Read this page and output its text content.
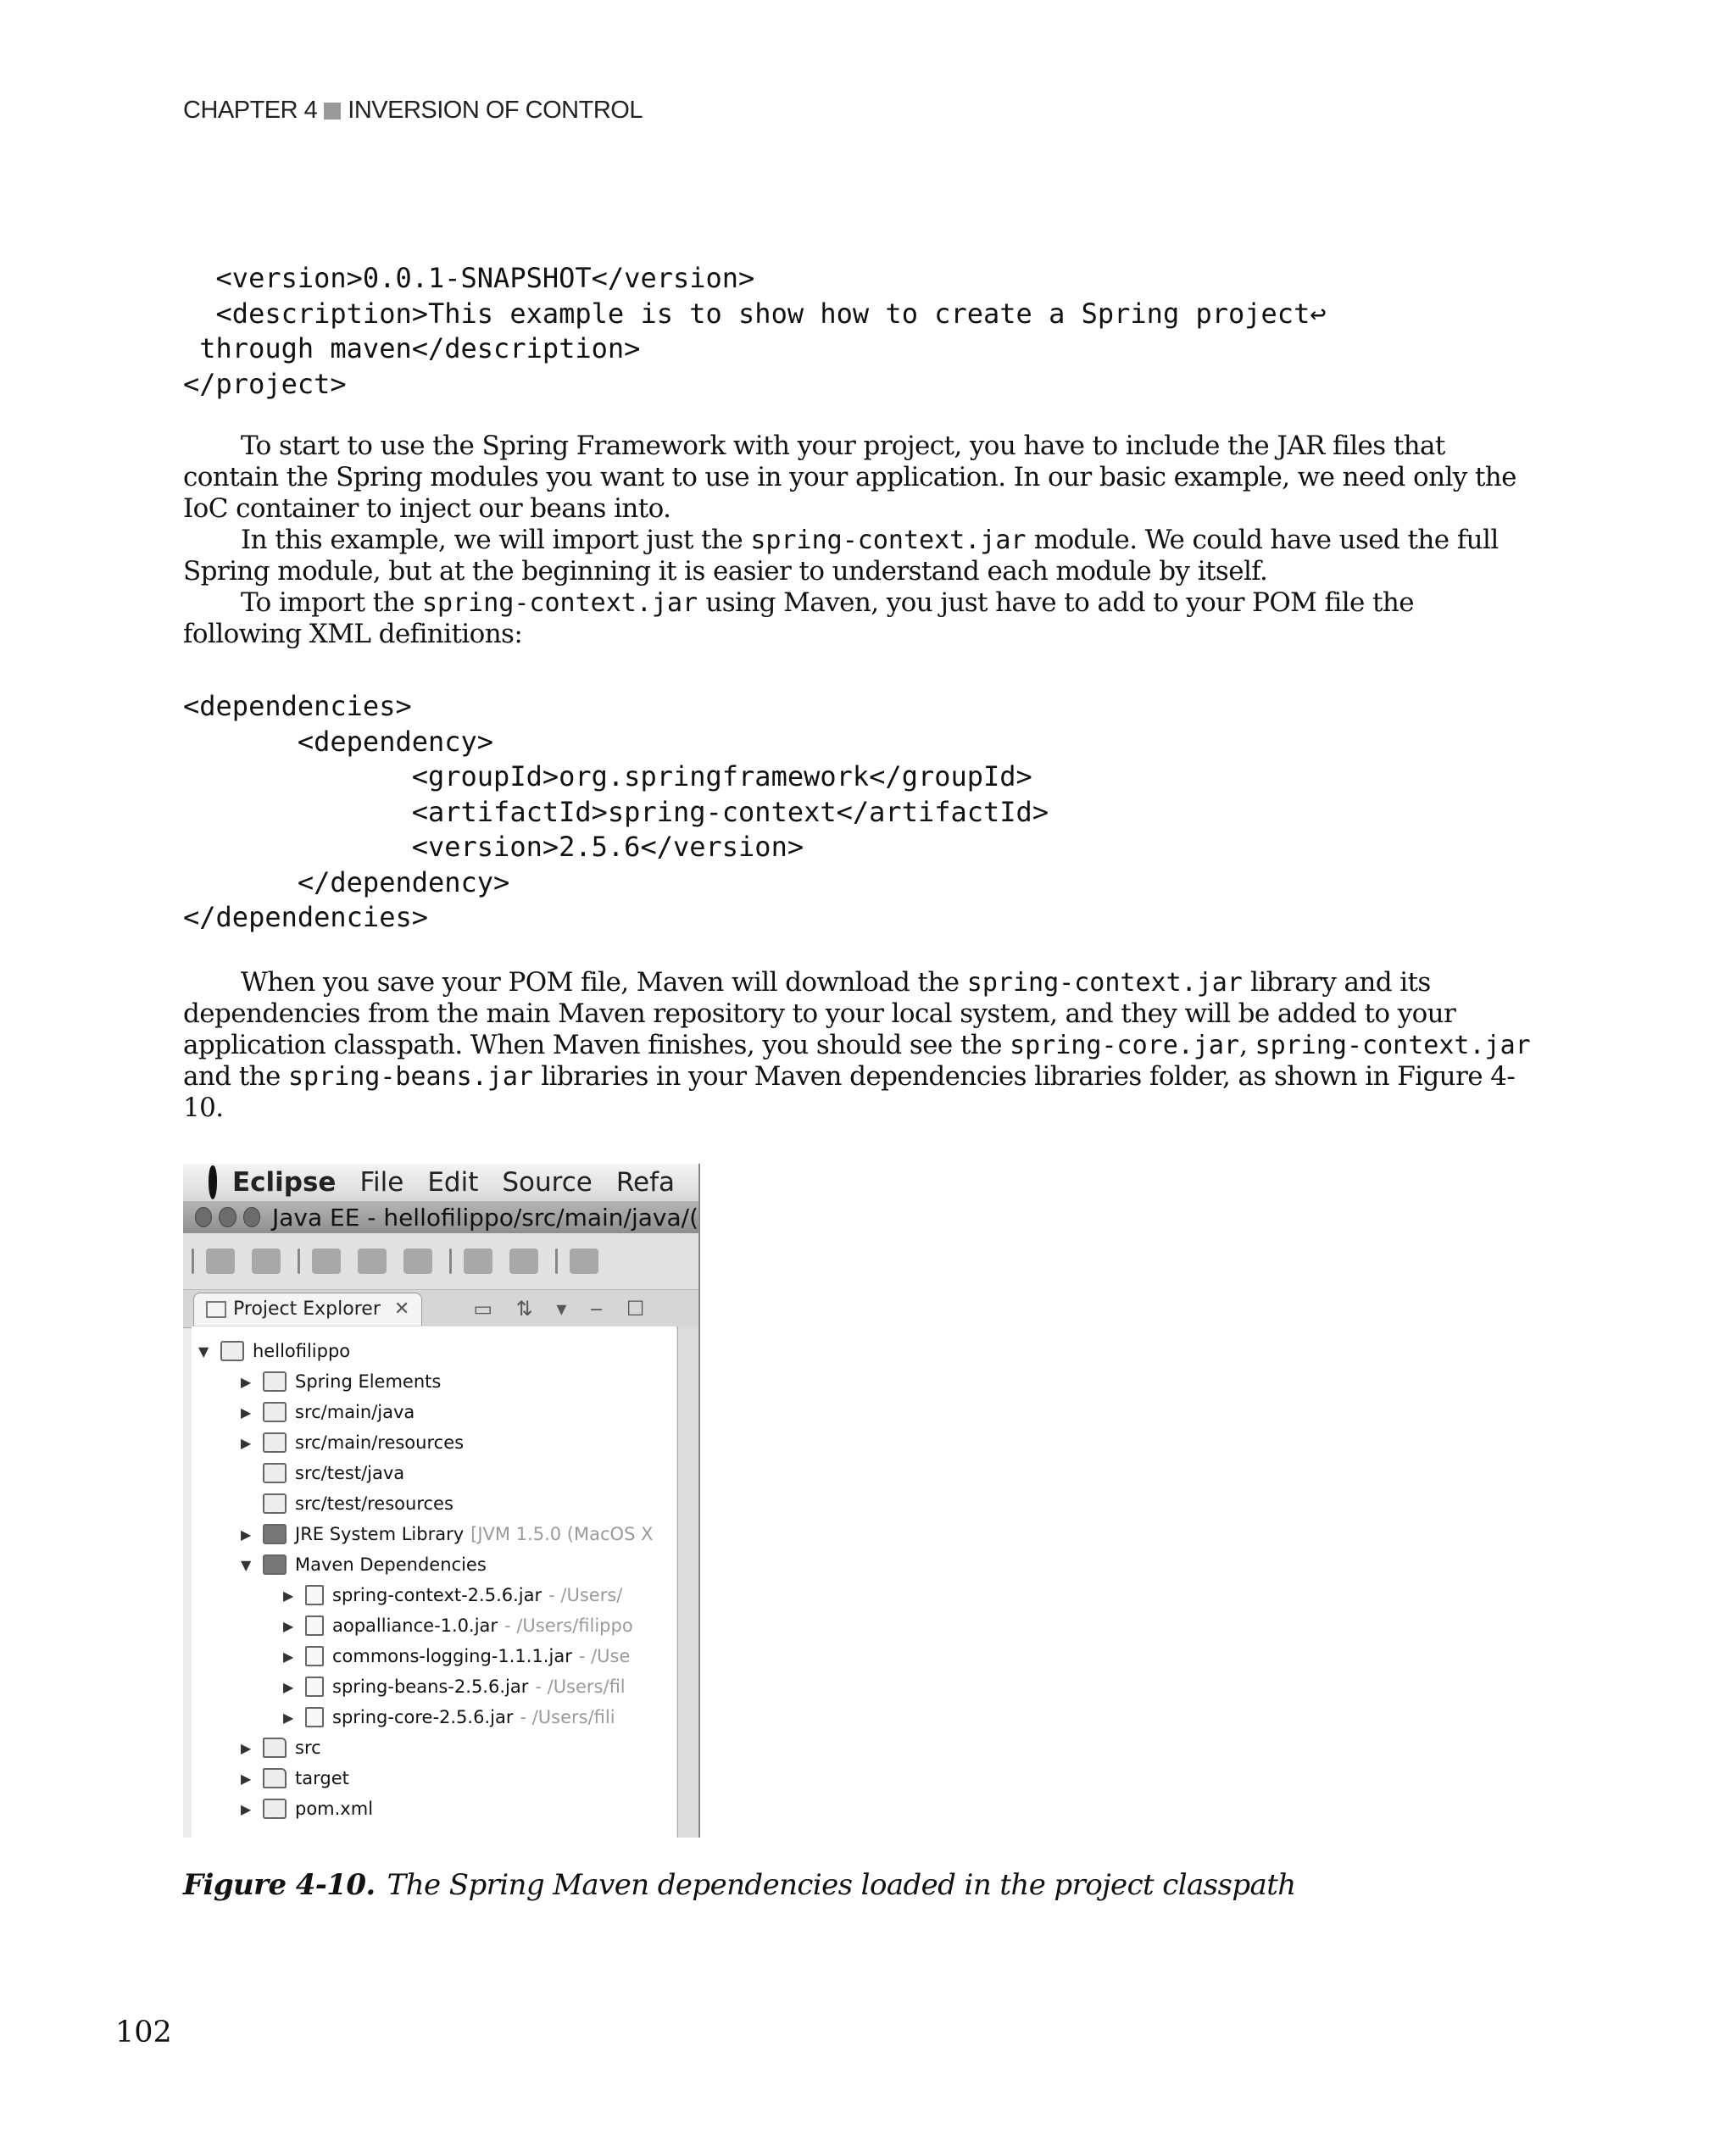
CHAPTER 4 INVERSION OF CONTROL
<version>0.0.1-SNAPSHOT</version>
<description>This example is to show how to create a Spring project↩
through maven</description>
</project>

To start to use the Spring Framework with your project, you have to include the JAR files that contain the Spring modules you want to use in your application. In our basic example, we need only the IoC container to inject our beans into.

In this example, we will import just the spring-context.jar module. We could have used the full Spring module, but at the beginning it is easier to understand each module by itself.

To import the spring-context.jar using Maven, you just have to add to your POM file the following XML definitions:

<dependencies>
<dependency>
<groupId>org.springframework</groupId>
<artifactId>spring-context</artifactId>
<version>2.5.6</version>
</dependency>
</dependencies>

When you save your POM file, Maven will download the spring-context.jar library and its dependencies from the main Maven repository to your local system, and they will be added to your application classpath. When Maven finishes, you should see the spring-core.jar, spring-context.jar and the spring-beans.jar libraries in your Maven dependencies libraries folder, as shown in Figure 4-10.

Eclipse File Edit Source Refa
Java EE - hellofilippo/src/main/java/(
Project Explorer ✕	▭ ⇅ ▾ ‒ ☐
▼	hellofilippo
▶	Spring Elements
▶	src/main/java
▶	src/main/resources
src/test/java
src/test/resources
▶	JRE System Library [JVM 1.5.0 (MacOS X
▼	Maven Dependencies
▶	spring-context-2.5.6.jar - /Users/
▶	aopalliance-1.0.jar - /Users/filippo
▶	commons-logging-1.1.1.jar - /Use
▶	spring-beans-2.5.6.jar - /Users/fil
▶	spring-core-2.5.6.jar - /Users/fili
▶	src
▶	target
▶	pom.xml
Figure 4-10. The Spring Maven dependencies loaded in the project classpath
102
